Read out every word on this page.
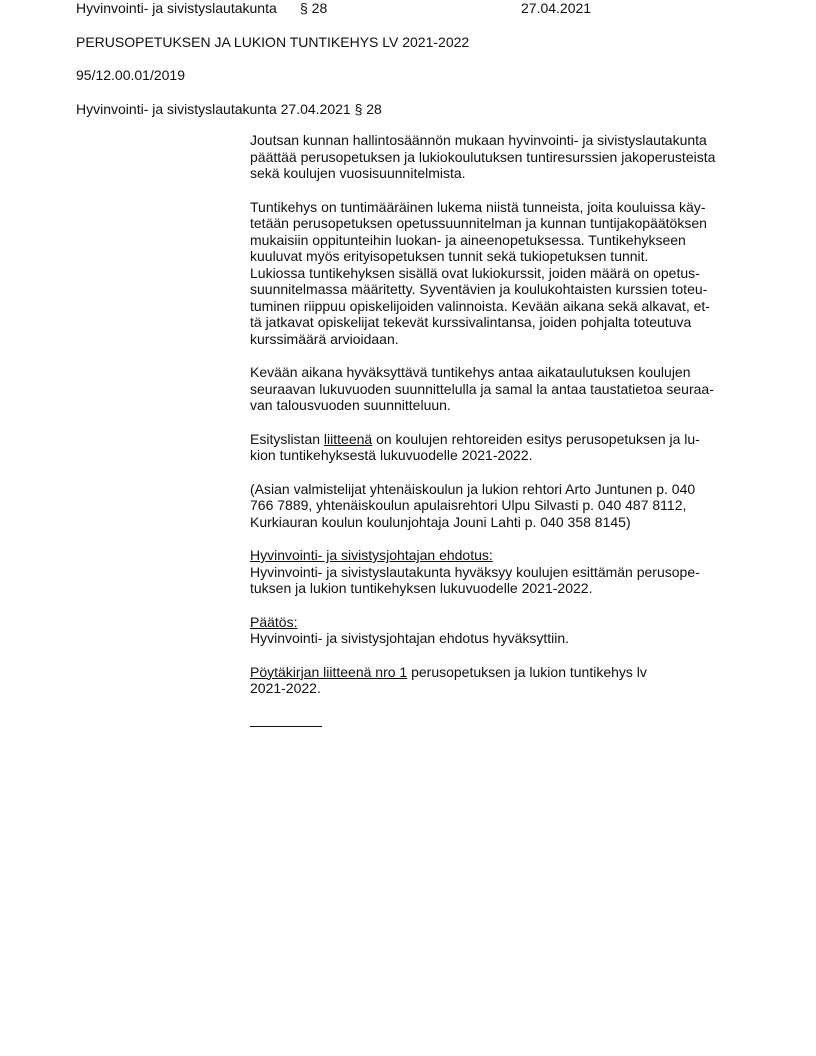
Hyvinvointi- ja sivistyslautakunta § 28	27.04.2021
PERUSOPETUKSEN JA LUKION TUNTIKEHYS LV 2021-2022
95/12.00.01/2019
Hyvinvointi- ja sivistyslautakunta 27.04.2021 § 28

Joutsan kunnan hallintosäännön mukaan hyvinvointi- ja sivistyslautakunta
päättää perusopetuksen ja lukiokoulutuksen tuntiresurssien jakoperusteista
sekä koulujen vuosisuunnitelmista.

Tuntikehys on tuntimääräinen lukema niistä tunneista, joita kouluissa käy-
tetään perusopetuksen opetussuunnitelman ja kunnan tuntijakopäätöksen
mukaisiin oppitunteihin luokan- ja aineenopetuksessa. Tuntikehykseen
kuuluvat myös erityisopetuksen tunnit sekä tukiopetuksen tunnit.
Lukiossa tuntikehyksen sisällä ovat lukiokurssit, joiden määrä on opetus-
suunnitelmassa määritetty. Syventävien ja koulukohtaisten kurssien toteu-
tuminen riippuu opiskelijoiden valinnoista. Kevään aikana sekä alkavat, et-
tä jatkavat opiskelijat tekevät kurssivalintansa, joiden pohjalta toteutuva
kurssimäärä arvioidaan.

Kevään aikana hyväksyttävä tuntikehys antaa aikataulutuksen koulujen
seuraavan lukuvuoden suunnittelulla ja samal la antaa taustatietoa seuraa-
van talousvuoden suunnitteluun.

Esityslistan liitteenä on koulujen rehtoreiden esitys perusopetuksen ja lu-
kion tuntikehyksestä lukuvuodelle 2021-2022.

(Asian valmistelijat yhtenäiskoulun ja lukion rehtori Arto Juntunen p. 040
766 7889, yhtenäiskoulun apulaisrehtori Ulpu Silvasti p. 040 487 8112,
Kurkiauran koulun koulunjohtaja Jouni Lahti p. 040 358 8145)

Hyvinvointi- ja sivistysjohtajan ehdotus:

Hyvinvointi- ja sivistyslautakunta hyväksyy koulujen esittämän perusope-
tuksen ja lukion tuntikehyksen lukuvuodelle 2021-2022.

Päätös:

Hyvinvointi- ja sivistysjohtajan ehdotus hyväksyttiin.

Pöytäkirjan liitteenä nro 1 perusopetuksen ja lukion tuntikehys lv
2021-2022.
